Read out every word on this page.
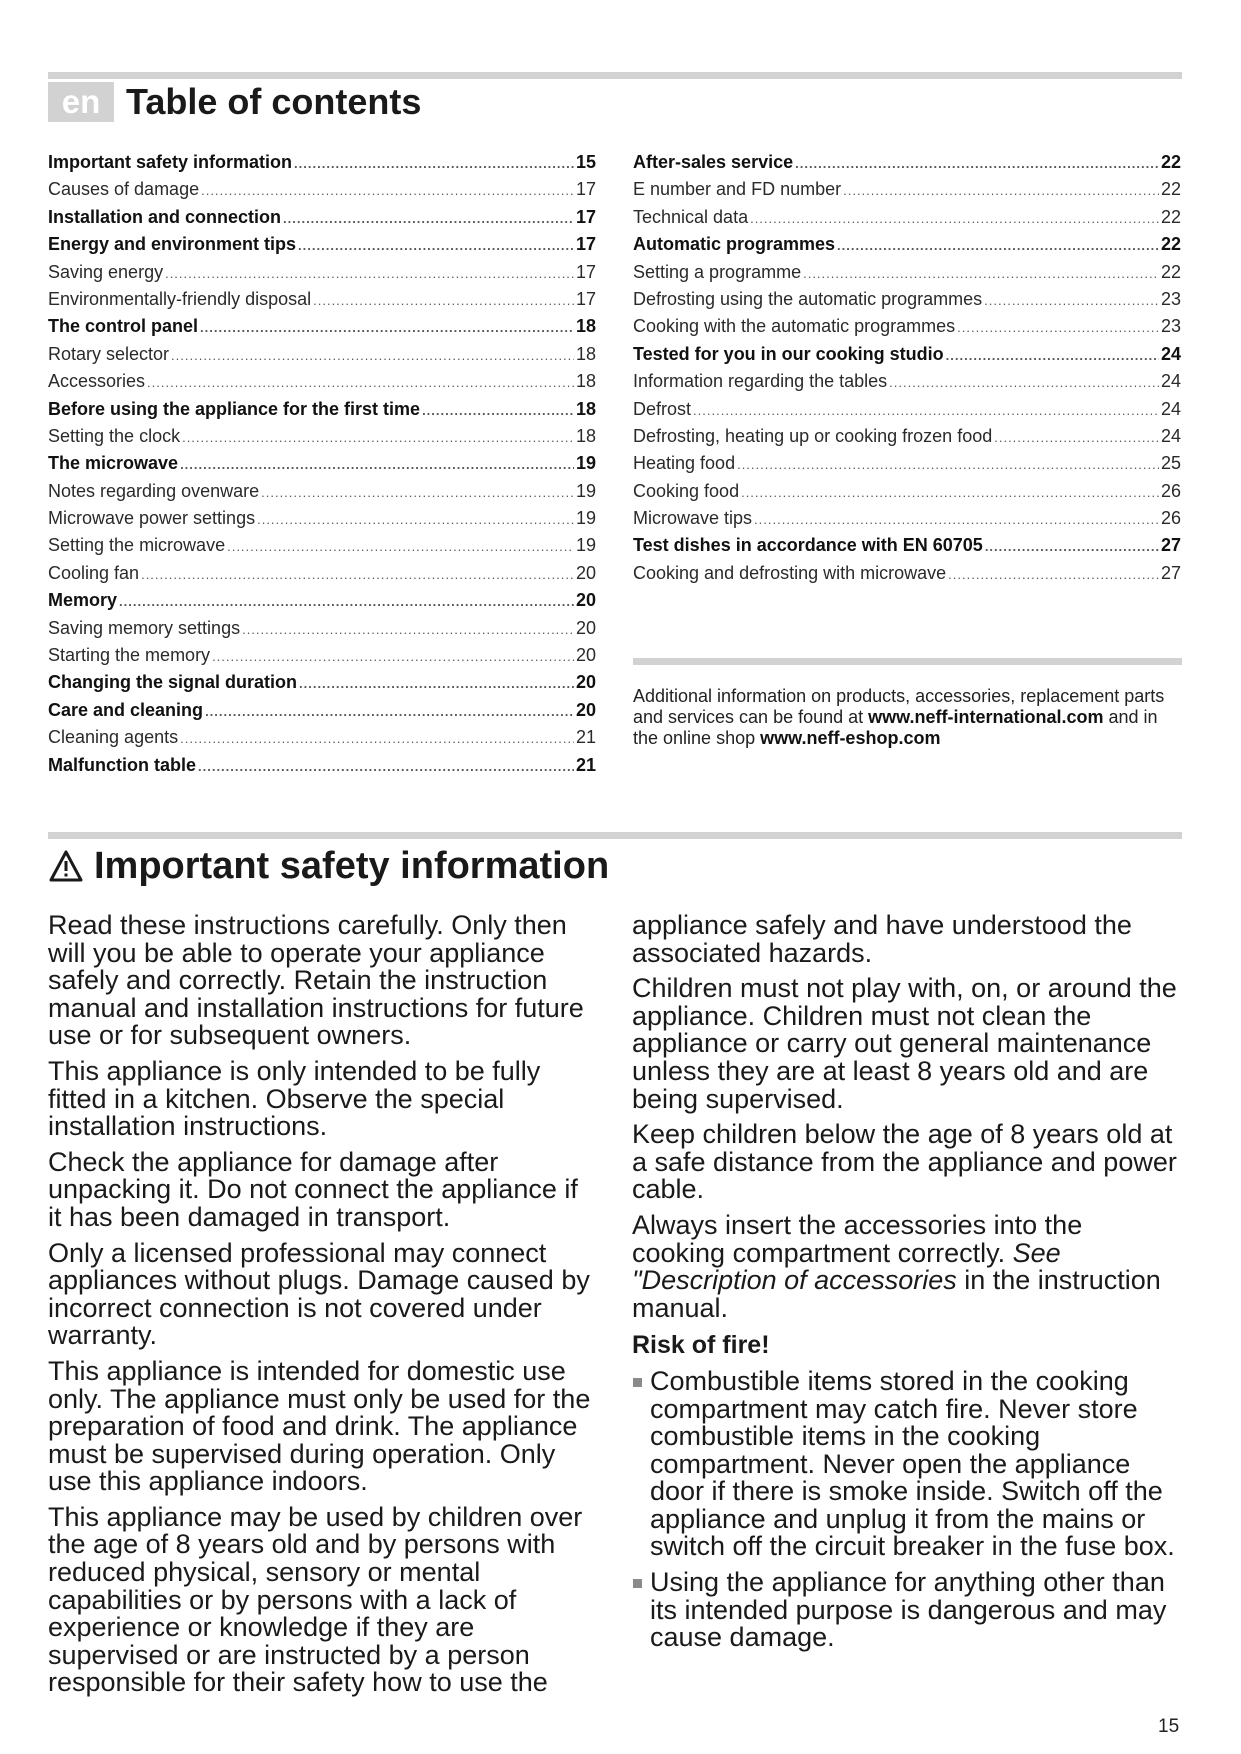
en Table of contents
Important safety information .....	15
Causes of damage .....	17
Installation and connection .....	17
Energy and environment tips .....	17
Saving energy .....	17
Environmentally-friendly disposal .....	17
The control panel .....	18
Rotary selector .....	18
Accessories .....	18
Before using the appliance for the first time .....	18
Setting the clock .....	18
The microwave .....	19
Notes regarding ovenware .....	19
Microwave power settings .....	19
Setting the microwave .....	19
Cooling fan .....	20
Memory .....	20
Saving memory settings .....	20
Starting the memory .....	20
Changing the signal duration .....	20
Care and cleaning .....	20
Cleaning agents .....	21
Malfunction table .....	21
After-sales service .....	22
E number and FD number .....	22
Technical data .....	22
Automatic programmes .....	22
Setting a programme .....	22
Defrosting using the automatic programmes .....	23
Cooking with the automatic programmes .....	23
Tested for you in our cooking studio .....	24
Information regarding the tables .....	24
Defrost .....	24
Defrosting, heating up or cooking frozen food .....	24
Heating food .....	25
Cooking food .....	26
Microwave tips .....	26
Test dishes in accordance with EN 60705 .....	27
Cooking and defrosting with microwave .....	27
Additional information on products, accessories, replacement parts and services can be found at www.neff-international.com and in the online shop www.neff-eshop.com
Important safety information

Read these instructions carefully. Only then will you be able to operate your appliance safely and correctly. Retain the instruction manual and installation instructions for future use or for subsequent owners.

This appliance is only intended to be fully fitted in a kitchen. Observe the special installation instructions.

Check the appliance for damage after unpacking it. Do not connect the appliance if it has been damaged in transport.

Only a licensed professional may connect appliances without plugs. Damage caused by incorrect connection is not covered under warranty.

This appliance is intended for domestic use only. The appliance must only be used for the preparation of food and drink. The appliance must be supervised during operation. Only use this appliance indoors.

This appliance may be used by children over the age of 8 years old and by persons with reduced physical, sensory or mental capabilities or by persons with a lack of experience or knowledge if they are supervised or are instructed by a person responsible for their safety how to use the

appliance safely and have understood the associated hazards.

Children must not play with, on, or around the appliance. Children must not clean the appliance or carry out general maintenance unless they are at least 8 years old and are being supervised.

Keep children below the age of 8 years old at a safe distance from the appliance and power cable.

Always insert the accessories into the cooking compartment correctly. See "Description of accessories in the instruction manual.

Risk of fire!
Combustible items stored in the cooking compartment may catch fire. Never store combustible items in the cooking compartment. Never open the appliance door if there is smoke inside. Switch off the appliance and unplug it from the mains or switch off the circuit breaker in the fuse box.
Using the appliance for anything other than its intended purpose is dangerous and may cause damage.
15
